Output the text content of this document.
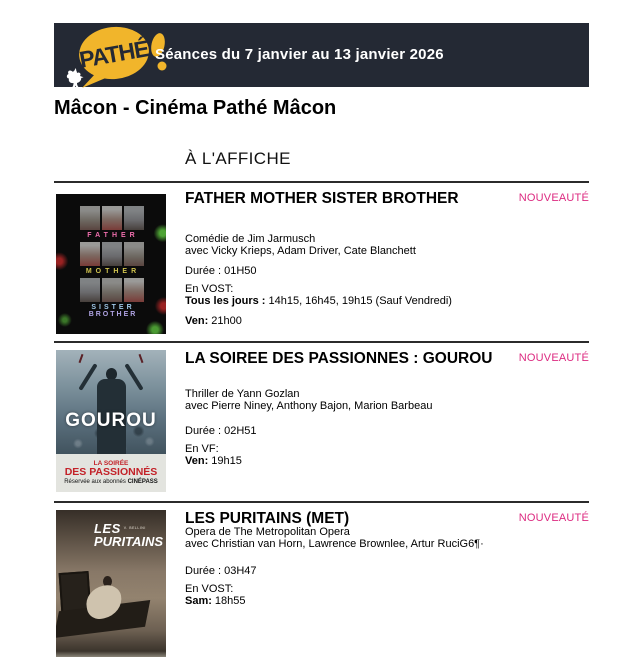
PATHÉ Séances du 7 janvier au 13 janvier 2026
Mâcon - Cinéma Pathé Mâcon
À L'AFFICHE
FATHER
MOTHER
SISTER
BROTHER
FATHER MOTHER SISTER BROTHER	NOUVEAUTÉ
Comédie de Jim Jarmusch
avec Vicky Krieps, Adam Driver, Cate Blanchett
Durée : 01H50
En VOST:
Tous les jours : 14h15, 16h45, 19h15 (Sauf Vendredi)
Ven: 21h00
GOUROU
LA SOIRÉE
DES PASSIONNÉS
Réservée aux abonnés CINÉPASS
LA SOIREE DES PASSIONNES : GOUROU NOUVEAUTÉ
Thriller de Yann Gozlan
avec Pierre Niney, Anthony Bajon, Marion Barbeau
Durée : 02H51
En VF:
Ven: 19h15
LES $^{V. BELLINI}$
PURITAINS
LES PURITAINS (MET)	NOUVEAUTÉ
Opera de The Metropolitan Opera
avec Christian van Horn, Lawrence Brownlee, Artur RuciG6¶·
Durée : 03H47
En VOST:
Sam: 18h55
